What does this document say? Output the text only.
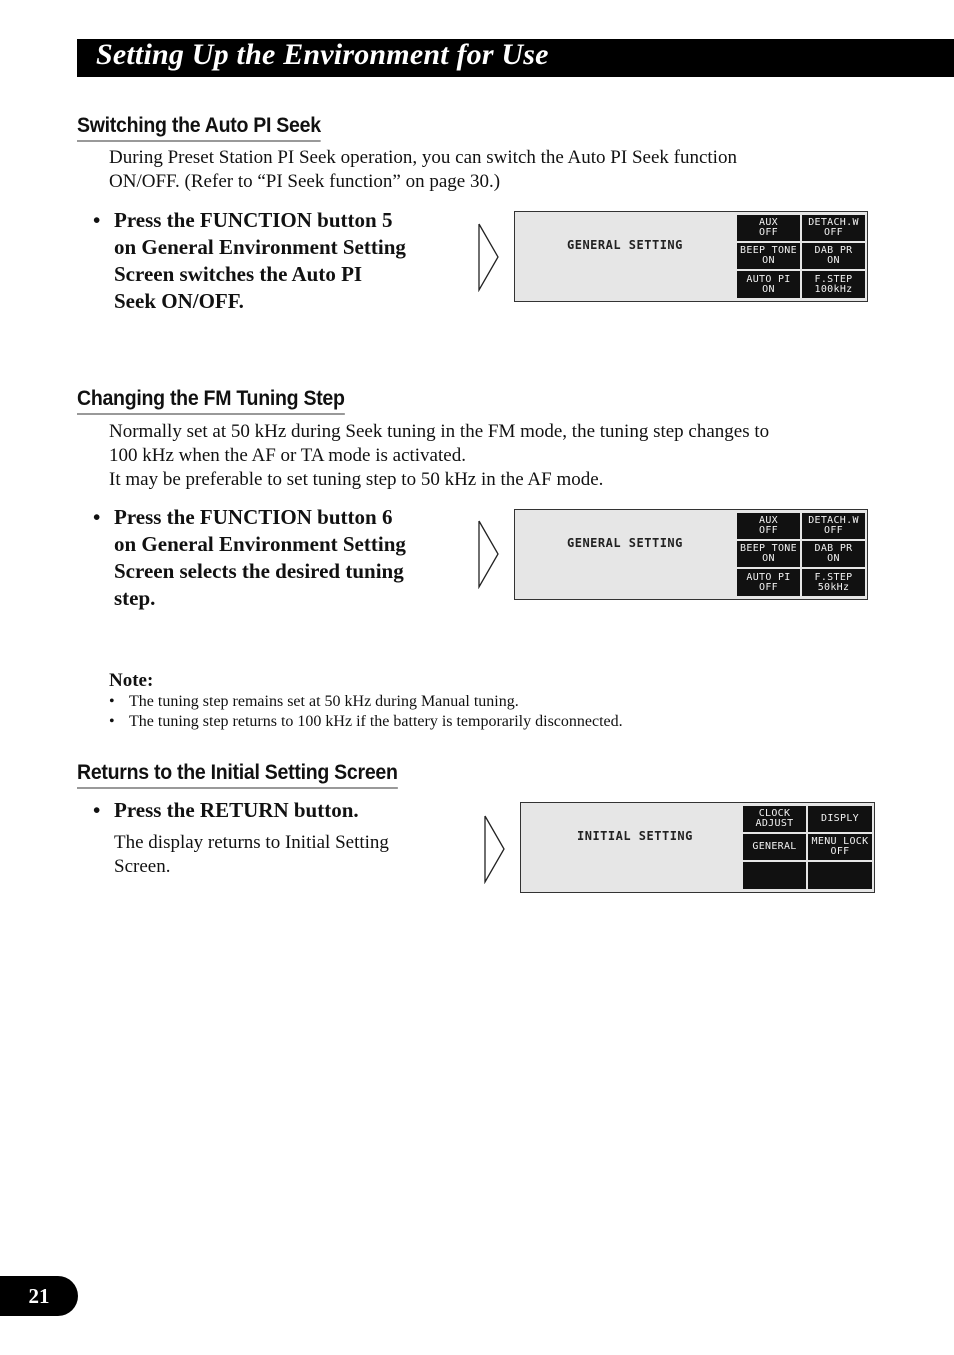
Setting Up the Environment for Use
Switching the Auto PI Seek
During Preset Station PI Seek operation, you can switch the Auto PI Seek function
ON/OFF. (Refer to “PI Seek function” on page 30.)
• Press the FUNCTION button 5
on General Environment Setting
Screen switches the Auto PI
Seek ON/OFF.
GENERAL SETTING
AUX
OFF
DETACH.W
OFF
BEEP TONE
ON
DAB PR
ON
AUTO PI
ON
F.STEP
100kHz
Changing the FM Tuning Step
Normally set at 50 kHz during Seek tuning in the FM mode, the tuning step changes to
100 kHz when the AF or TA mode is activated.
It may be preferable to set tuning step to 50 kHz in the AF mode.
• Press the FUNCTION button 6
on General Environment Setting
Screen selects the desired tuning
step.
GENERAL SETTING
AUX
OFF
DETACH.W
OFF
BEEP TONE
ON
DAB PR
ON
AUTO PI
OFF
F.STEP
50kHz
Note:
• The tuning step remains set at 50 kHz during Manual tuning.
• The tuning step returns to 100 kHz if the battery is temporarily disconnected.
Returns to the Initial Setting Screen
• Press the RETURN button.
The display returns to Initial Setting
Screen.
INITIAL SETTING
CLOCK
ADJUST	DISPLY
GENERAL	MENU LOCK
OFF
21
